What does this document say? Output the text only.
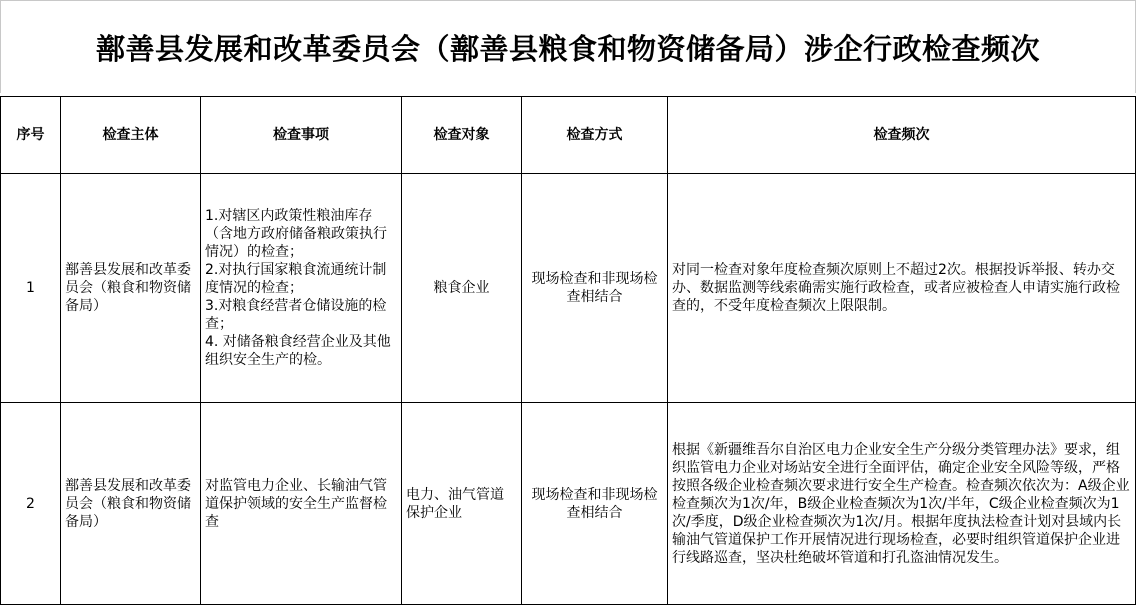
鄯善县发展和改革委员会（鄯善县粮食和物资储备局）涉企行政检查频次
序号	检查主体	检查事项	检查对象	检查方式	检查频次
1	鄯善县发展和改革委员会（粮食和物资储备局）	1.对辖区内政策性粮油库存（含地方政府储备粮政策执行情况）的检查；
2.对执行国家粮食流通统计制度情况的检查；
3.对粮食经营者仓储设施的检查；
4. 对储备粮食经营企业及其他组织安全生产的检。	粮食企业	现场检查和非现场检查相结合	对同一检查对象年度检查频次原则上不超过2次。根据投诉举报、转办交办、数据监测等线索确需实施行政检查，或者应被检查人申请实施行政检查的，不受年度检查频次上限限制。
2	鄯善县发展和改革委员会（粮食和物资储备局）	对监管电力企业、长输油气管道保护领域的安全生产监督检查	电力、油气管道保护企业	现场检查和非现场检查相结合	根据《新疆维吾尔自治区电力企业安全生产分级分类管理办法》要求，组织监管电力企业对场站安全进行全面评估，确定企业安全风险等级，严格按照各级企业检查频次要求进行安全生产检查。检查频次依次为：A级企业检查频次为1次/年，B级企业检查频次为1次/半年，C级企业检查频次为1次/季度，D级企业检查频次为1次/月。根据年度执法检查计划对县域内长输油气管道保护工作开展情况进行现场检查，必要时组织管道保护企业进行线路巡查，坚决杜绝破坏管道和打孔盗油情况发生。
